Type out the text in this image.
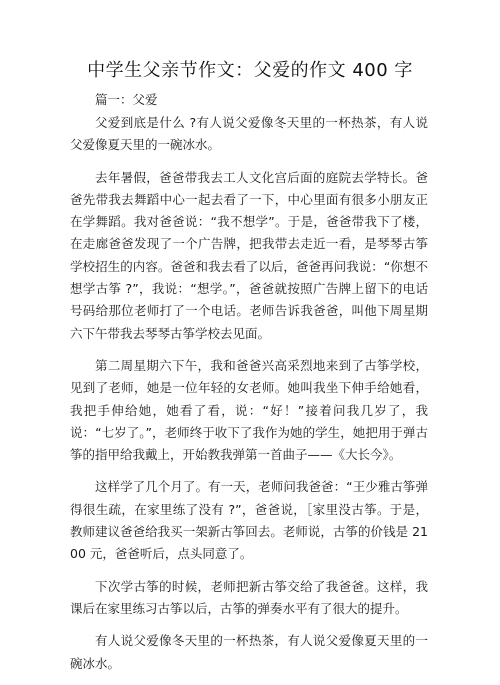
中学生父亲节作文：父爱的作文 400 字
篇一：父爱

父爱到底是什么 ?有人说父爱像冬天里的一杯热茶，有人说父爱像夏天里的一碗冰水。

去年暑假，爸爸带我去工人文化宫后面的庭院去学特长。爸爸先带我去舞蹈中心一起去看了一下，中心里面有很多小朋友正在学舞蹈。我对爸爸说：“我不想学”。于是，爸爸带我下了楼，在走廊爸爸发现了一个广告牌，把我带去走近一看，是琴琴古筝学校招生的内容。爸爸和我去看了以后，爸爸再问我说：“你想不想学古筝 ?”，我说：“想学。”，爸爸就按照广告牌上留下的电话号码给那位老师打了一个电话。老师告诉我爸爸，叫他下周星期六下午带我去琴琴古筝学校去见面。

第二周星期六下午，我和爸爸兴高采烈地来到了古筝学校，见到了老师，她是一位年轻的女老师。她叫我坐下伸手给她看，我把手伸给她，她看了看，说：“好！”接着问我几岁了，我说：“七岁了。”，老师终于收下了我作为她的学生，她把用于弹古筝的指甲给我戴上，开始教我弹第一首曲子——《大长今》。

这样学了几个月了。有一天，老师问我爸爸：“王少雅古筝弹得很生疏，在家里练了没有 ?”，爸爸说，［家里没古筝。于是，教师建议爸爸给我买一架新古筝回去。老师说，古筝的价钱是 2100 元，爸爸听后，点头同意了。

下次学古筝的时候，老师把新古筝交给了我爸爸。这样，我课后在家里练习古筝以后，古筝的弹奏水平有了很大的提升。

有人说父爱像冬天里的一杯热茶，有人说父爱像夏天里的一碗冰水。
